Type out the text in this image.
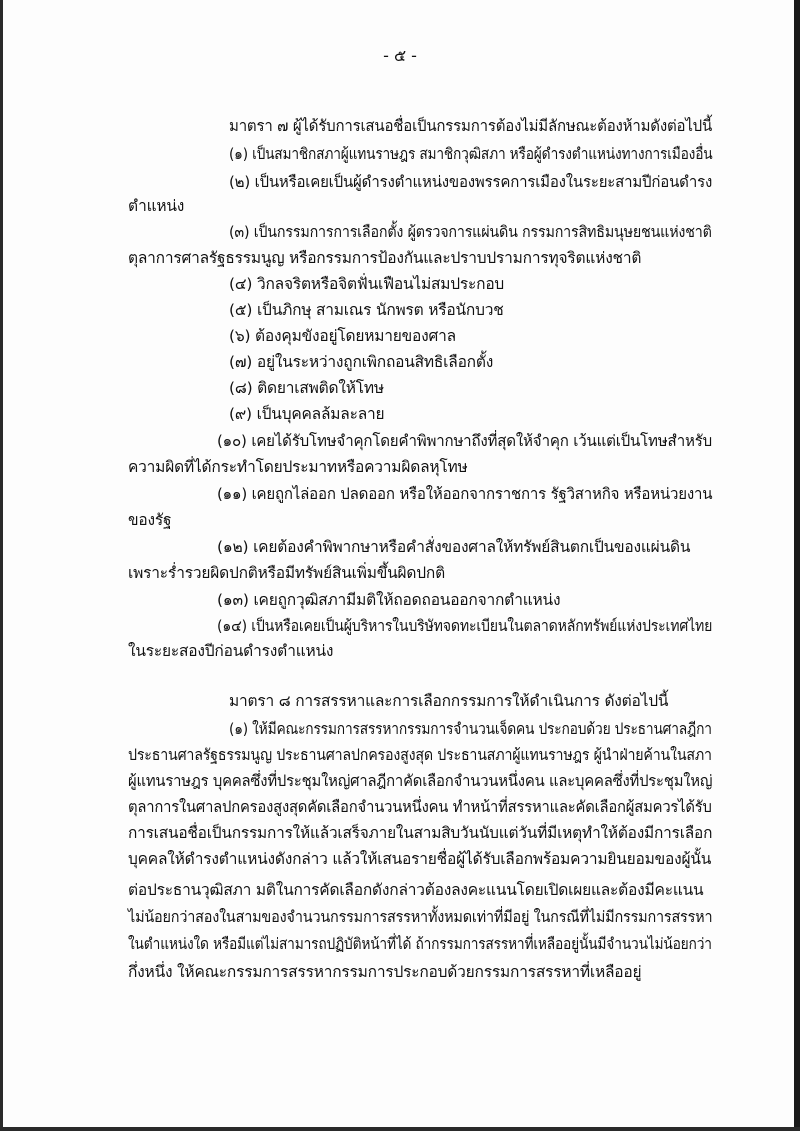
- ๕ -
มาตรา ๗ ผู้ได้รับการเสนอชื่อเป็นกรรมการต้องไม่มีลักษณะต้องห้ามดังต่อไปนี้
(๑) เป็นสมาชิกสภาผู้แทนราษฎร สมาชิกวุฒิสภา หรือผู้ดำรงตำแหน่งทางการเมืองอื่น
(๒) เป็นหรือเคยเป็นผู้ดำรงตำแหน่งของพรรคการเมืองในระยะสามปีก่อนดำรง
ตำแหน่ง
(๓) เป็นกรรมการการเลือกตั้ง ผู้ตรวจการแผ่นดิน กรรมการสิทธิมนุษยชนแห่งชาติ
ตุลาการศาลรัฐธรรมนูญ หรือกรรมการป้องกันและปราบปรามการทุจริตแห่งชาติ
(๔) วิกลจริตหรือจิตฟั่นเฟือนไม่สมประกอบ
(๕) เป็นภิกษุ สามเณร นักพรต หรือนักบวช
(๖) ต้องคุมขังอยู่โดยหมายของศาล
(๗) อยู่ในระหว่างถูกเพิกถอนสิทธิเลือกตั้ง
(๘) ติดยาเสพติดให้โทษ
(๙) เป็นบุคคลล้มละลาย
(๑๐) เคยได้รับโทษจำคุกโดยคำพิพากษาถึงที่สุดให้จำคุก เว้นแต่เป็นโทษสำหรับ
ความผิดที่ได้กระทำโดยประมาทหรือความผิดลหุโทษ
(๑๑) เคยถูกไล่ออก ปลดออก หรือให้ออกจากราชการ รัฐวิสาหกิจ หรือหน่วยงาน
ของรัฐ
(๑๒) เคยต้องคำพิพากษาหรือคำสั่งของศาลให้ทรัพย์สินตกเป็นของแผ่นดิน
เพราะร่ำรวยผิดปกติหรือมีทรัพย์สินเพิ่มขึ้นผิดปกติ
(๑๓) เคยถูกวุฒิสภามีมติให้ถอดถอนออกจากตำแหน่ง
(๑๔) เป็นหรือเคยเป็นผู้บริหารในบริษัทจดทะเบียนในตลาดหลักทรัพย์แห่งประเทศไทย
ในระยะสองปีก่อนดำรงตำแหน่ง
มาตรา ๘ การสรรหาและการเลือกกรรมการให้ดำเนินการ ดังต่อไปนี้
(๑) ให้มีคณะกรรมการสรรหากรรมการจำนวนเจ็ดคน ประกอบด้วย ประธานศาลฎีกา
ประธานศาลรัฐธรรมนูญ ประธานศาลปกครองสูงสุด ประธานสภาผู้แทนราษฎร ผู้นำฝ่ายค้านในสภา
ผู้แทนราษฎร บุคคลซึ่งที่ประชุมใหญ่ศาลฎีกาคัดเลือกจำนวนหนึ่งคน และบุคคลซึ่งที่ประชุมใหญ่
ตุลาการในศาลปกครองสูงสุดคัดเลือกจำนวนหนึ่งคน ทำหน้าที่สรรหาและคัดเลือกผู้สมควรได้รับ
การเสนอชื่อเป็นกรรมการให้แล้วเสร็จภายในสามสิบวันนับแต่วันที่มีเหตุทำให้ต้องมีการเลือก
บุคคลให้ดำรงตำแหน่งดังกล่าว แล้วให้เสนอรายชื่อผู้ได้รับเลือกพร้อมความยินยอมของผู้นั้น
ต่อประธานวุฒิสภา มติในการคัดเลือกดังกล่าวต้องลงคะแนนโดยเปิดเผยและต้องมีคะแนน
ไม่น้อยกว่าสองในสามของจำนวนกรรมการสรรหาทั้งหมดเท่าที่มีอยู่ ในกรณีที่ไม่มีกรรมการสรรหา
ในตำแหน่งใด หรือมีแต่ไม่สามารถปฏิบัติหน้าที่ได้ ถ้ากรรมการสรรหาที่เหลืออยู่นั้นมีจำนวนไม่น้อยกว่า
กึ่งหนึ่ง ให้คณะกรรมการสรรหากรรมการประกอบด้วยกรรมการสรรหาที่เหลืออยู่
